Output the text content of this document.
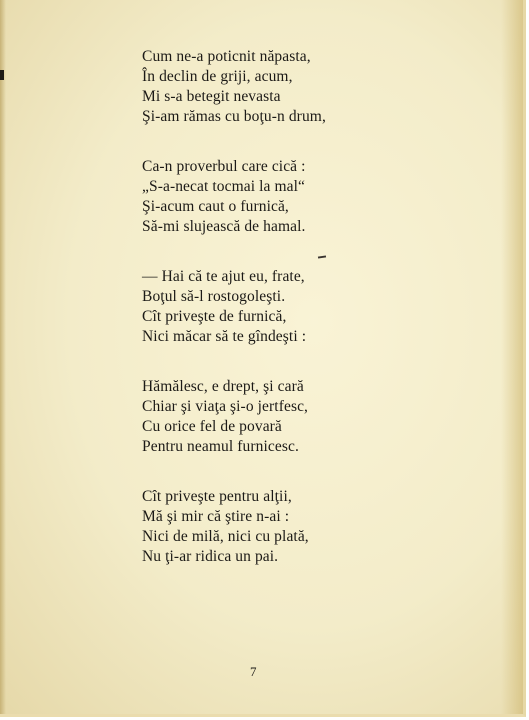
Cum ne-a poticnit năpasta,
În declin de griji, acum,
Mi s-a betegit nevasta
Şi-am rămas cu boţu-n drum,
Ca-n proverbul care cică :
„S-a-necat tocmai la mal“
Şi-acum caut o furnică,
Să-mi slujească de hamal.
— Hai că te ajut eu, frate,
Boţul să-l rostogoleşti.
Cît priveşte de furnică,
Nici măcar să te gîndeşti :
Hămălesc, e drept, şi cară
Chiar şi viaţa şi-o jertfesc,
Cu orice fel de povară
Pentru neamul furnicesc.
Cît priveşte pentru alţii,
Mă şi mir că ştire n-ai :
Nici de milă, nici cu plată,
Nu ţi-ar ridica un pai.
7
